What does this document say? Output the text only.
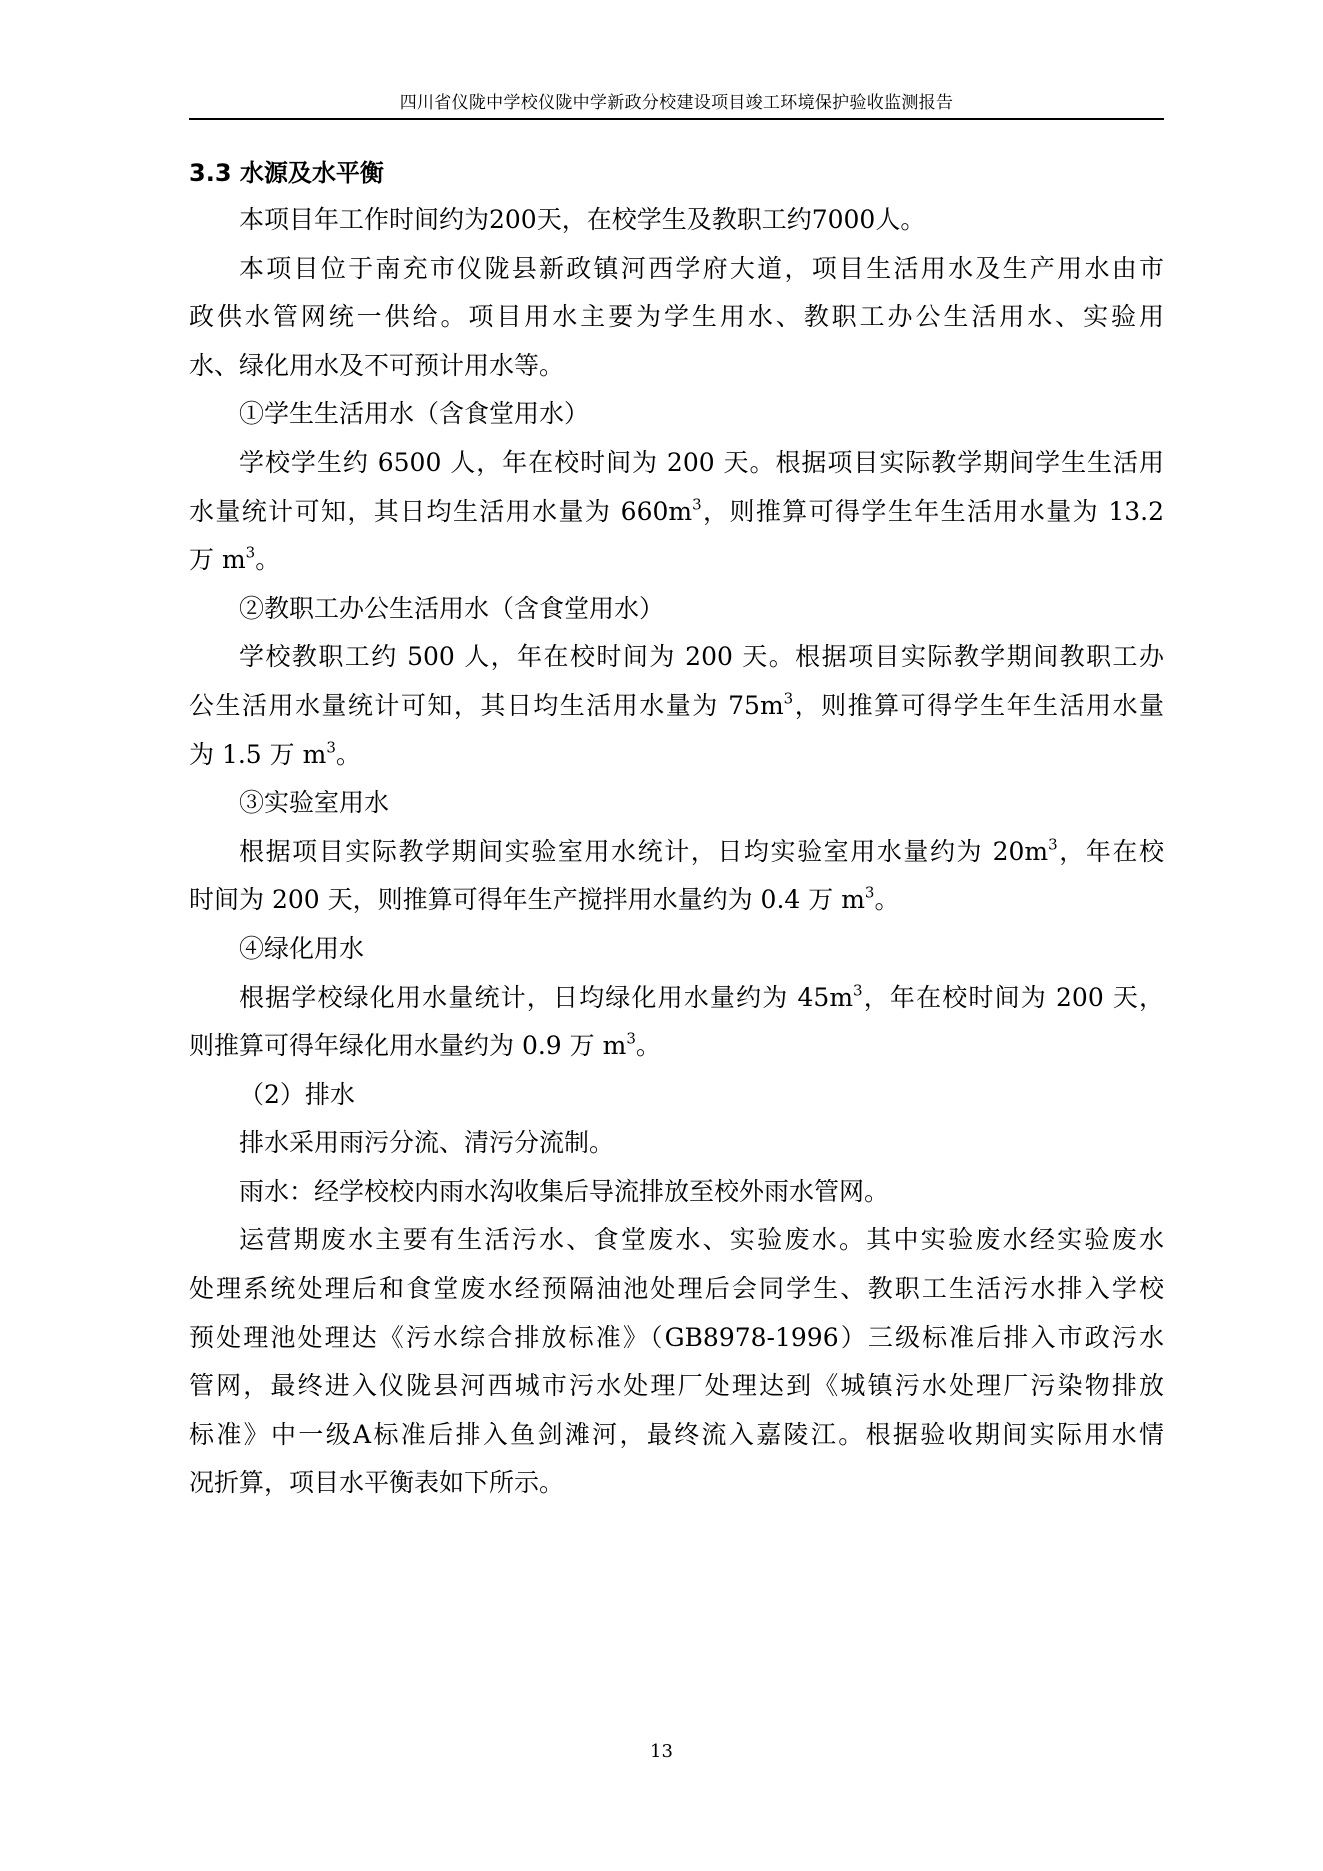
四川省仪陇中学校仪陇中学新政分校建设项目竣工环境保护验收监测报告
3.3 水源及水平衡
本项目年工作时间约为200天，在校学生及教职工约7000人。
本项目位于南充市仪陇县新政镇河西学府大道，项目生活用水及生产用水由市
政供水管网统一供给。项目用水主要为学生用水、教职工办公生活用水、实验用
水、绿化用水及不可预计用水等。
①学生生活用水（含食堂用水）
学校学生约 6500 人，年在校时间为 200 天。根据项目实际教学期间学生生活用
水量统计可知，其日均生活用水量为 $660m^3$，则推算可得学生年生活用水量为 13.2
万 $m^3$。
②教职工办公生活用水（含食堂用水）
学校教职工约 500 人，年在校时间为 200 天。根据项目实际教学期间教职工办
公生活用水量统计可知，其日均生活用水量为 $75m^3$，则推算可得学生年生活用水量
为 1.5 万 $m^3$。
③实验室用水
根据项目实际教学期间实验室用水统计，日均实验室用水量约为 $20m^3$，年在校
时间为 200 天，则推算可得年生产搅拌用水量约为 0.4 万 $m^3$。
④绿化用水
根据学校绿化用水量统计，日均绿化用水量约为 $45m^3$，年在校时间为 200 天，
则推算可得年绿化用水量约为 0.9 万 $m^3$。
（2）排水
排水采用雨污分流、清污分流制。
雨水：经学校校内雨水沟收集后导流排放至校外雨水管网。
运营期废水主要有生活污水、食堂废水、实验废水。其中实验废水经实验废水
处理系统处理后和食堂废水经预隔油池处理后会同学生、教职工生活污水排入学校
预处理池处理达《污水综合排放标准》（GB8978-1996）三级标准后排入市政污水
管网，最终进入仪陇县河西城市污水处理厂处理达到《城镇污水处理厂污染物排放
标准》中一级A标准后排入鱼剑滩河，最终流入嘉陵江。根据验收期间实际用水情
况折算，项目水平衡表如下所示。
13
